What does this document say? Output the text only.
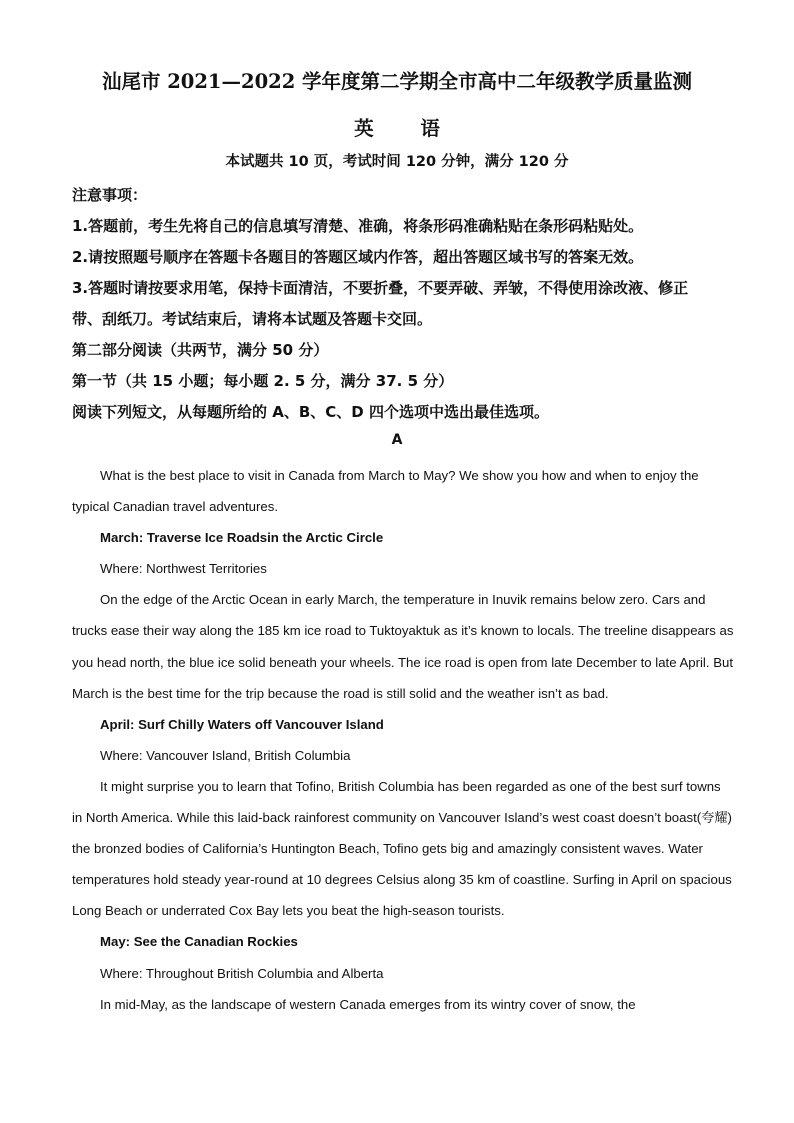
汕尾市 2021—2022 学年度第二学期全市高中二年级教学质量监测
英 语
本试题共 10 页，考试时间 120 分钟，满分 120 分
注意事项：
1.答题前，考生先将自己的信息填写清楚、准确，将条形码准确粘贴在条形码粘贴处。
2.请按照题号顺序在答题卡各题目的答题区域内作答，超出答题区域书写的答案无效。
3.答题时请按要求用笔，保持卡面清洁，不要折叠，不要弄破、弄皱，不得使用涂改液、修正
带、刮纸刀。考试结束后，请将本试题及答题卡交回。
第二部分阅读（共两节，满分 50 分）
第一节（共 15 小题；每小题 2. 5 分，满分 37. 5 分）
阅读下列短文，从每题所给的 A、B、C、D 四个选项中选出最佳选项。
A
What is the best place to visit in Canada from March to May? We show you how and when to enjoy the
typical Canadian travel adventures.
March: Traverse Ice Roadsin the Arctic Circle
Where: Northwest Territories
On the edge of the Arctic Ocean in early March, the temperature in Inuvik remains below zero. Cars and
trucks ease their way along the 185 km ice road to Tuktoyaktuk as it’s known to locals. The treeline disappears as
you head north, the blue ice solid beneath your wheels. The ice road is open from late December to late April. But
March is the best time for the trip because the road is still solid and the weather isn’t as bad.
April: Surf Chilly Waters off Vancouver Island
Where: Vancouver Island, British Columbia
It might surprise you to learn that Tofino, British Columbia has been regarded as one of the best surf towns
in North America. While this laid-back rainforest community on Vancouver Island’s west coast doesn’t boast(夸耀)
the bronzed bodies of California’s Huntington Beach, Tofino gets big and amazingly consistent waves. Water
temperatures hold steady year-round at 10 degrees Celsius along 35 km of coastline. Surfing in April on spacious
Long Beach or underrated Cox Bay lets you beat the high-season tourists.
May: See the Canadian Rockies
Where: Throughout British Columbia and Alberta
In mid-May, as the landscape of western Canada emerges from its wintry cover of snow, the
